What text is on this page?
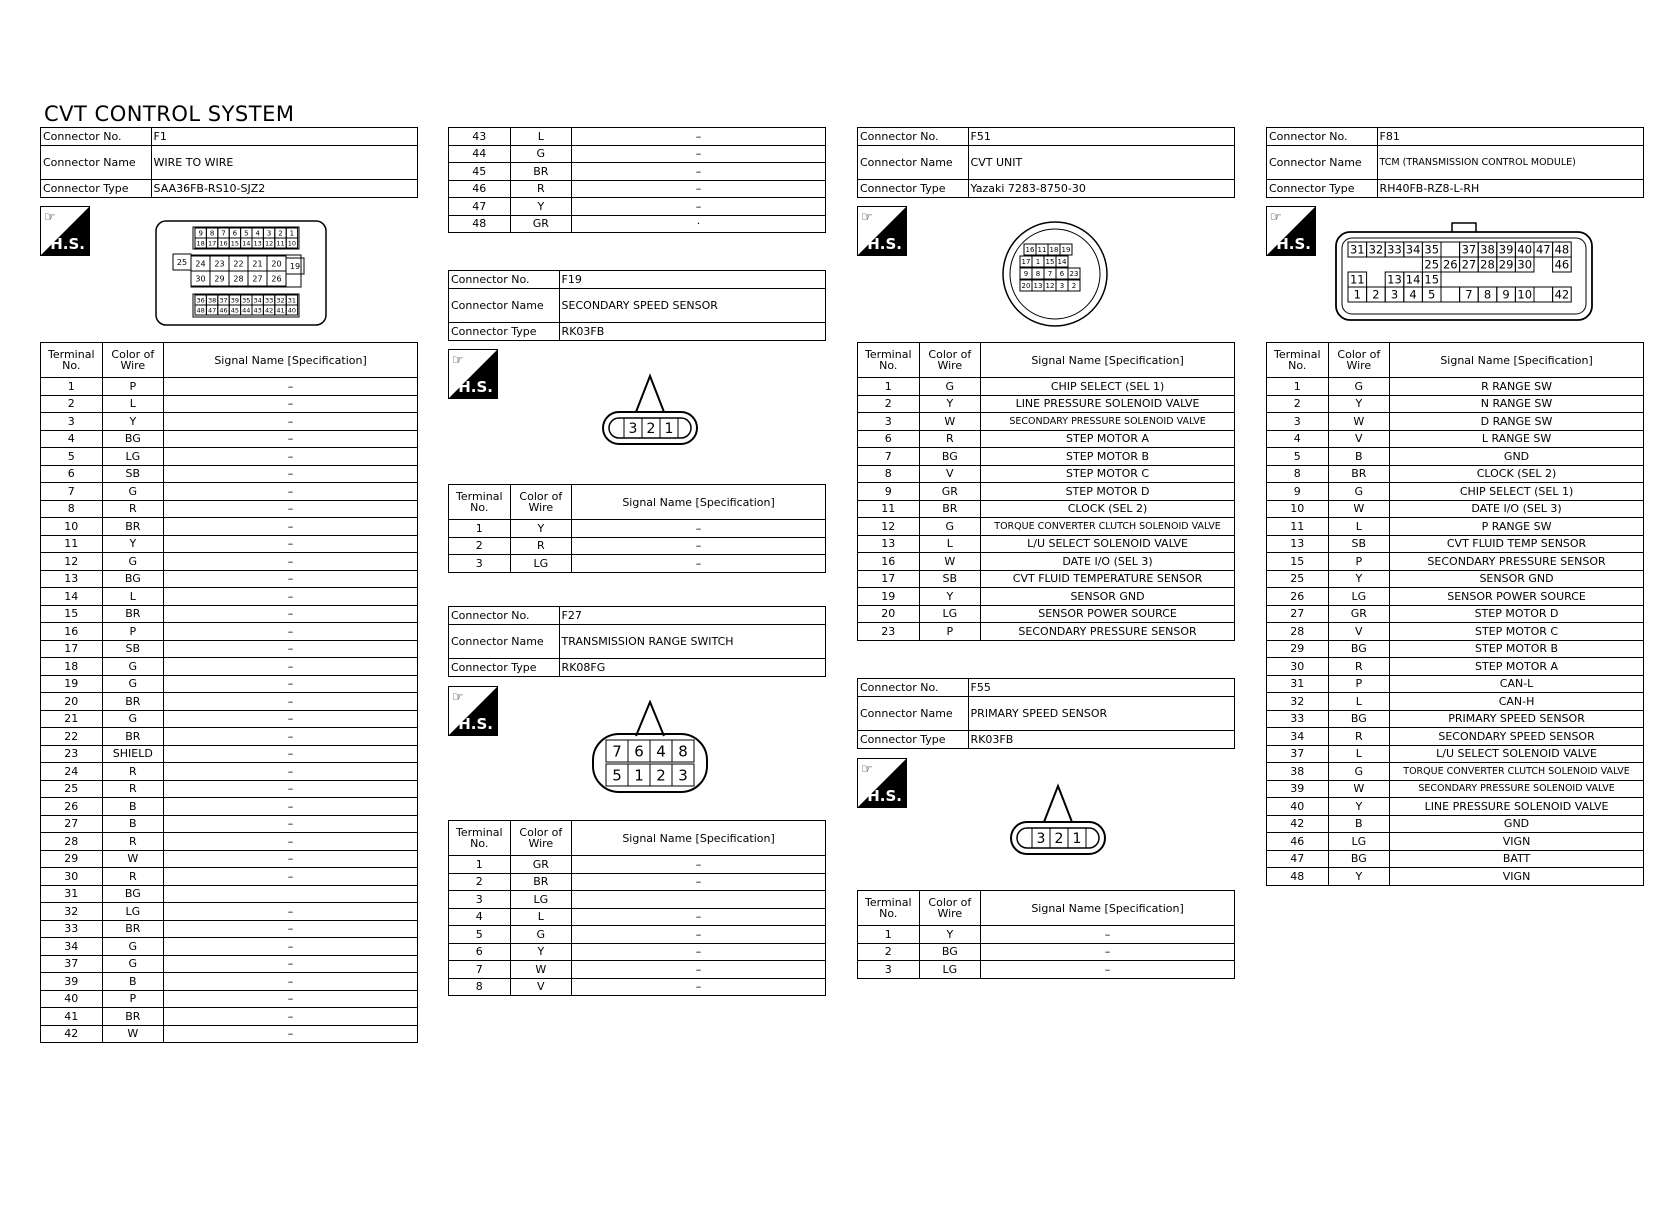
CVT CONTROL SYSTEM
Connector No.	F1
Connector Name	WIRE TO WIRE
Connector Type	SAA36FB-RS10-SJZ2
☞
H.S.
9 8 7 6 5 4 3 2 1
18 17 16 15 14 13 12 11 10
25 24 23 22 21 20
30 29 28 27 26
19
36 38 37 39 35 34 33 32 31
48 47 46 45 44 43 42 41 40
Terminal No.	Color of Wire	Signal Name [Specification]
1	P	–
2	L	–
3	Y	–
4	BG	–
5	LG	–
6	SB	–
7	G	–
8	R	–
10	BR	–
11	Y	–
12	G	–
13	BG	–
14	L	–
15	BR	–
16	P	–
17	SB	–
18	G	–
19	G	–
20	BR	–
21	G	–
22	BR	–
23	SHIELD	–
24	R	–
25	R	–
26	B	–
27	B	–
28	R	–
29	W	–
30	R	–
31	BG	
32	LG	–
33	BR	–
34	G	–
37	G	–
39	B	–
40	P	–
41	BR	–
42	W	–
43	L	–
44	G	–
45	BR	–
46	R	–
47	Y	–
48	GR	·
Connector No.	F19
Connector Name	SECONDARY SPEED SENSOR
Connector Type	RK03FB
☞
H.S.
3 2 1
Terminal No.	Color of Wire	Signal Name [Specification]
1	Y	–
2	R	–
3	LG	–
Connector No.	F27
Connector Name	TRANSMISSION RANGE SWITCH
Connector Type	RK08FG
☞
H.S.
7 6 4 8
5 1 2 3
Terminal No.	Color of Wire	Signal Name [Specification]
1	GR	–
2	BR	–
3	LG	
4	L	–
5	G	–
6	Y	–
7	W	–
8	V	–
Connector No.	F51
Connector Name	CVT UNIT
Connector Type	Yazaki 7283-8750-30
☞
H.S.	16 11 18 19
17 1 15 14
9 8 7 6 23
20 13 12 3 2
Terminal No.	Color of Wire	Signal Name [Specification]
1	G	CHIP SELECT (SEL 1)
2	Y	LINE PRESSURE SOLENOID VALVE
3	W	SECONDARY PRESSURE SOLENOID VALVE
6	R	STEP MOTOR A
7	BG	STEP MOTOR B
8	V	STEP MOTOR C
9	GR	STEP MOTOR D
11	BR	CLOCK (SEL 2)
12	G	TORQUE CONVERTER CLUTCH SOLENOID VALVE
13	L	L/U SELECT SOLENOID VALVE
16	W	DATE I/O (SEL 3)
17	SB	CVT FLUID TEMPERATURE SENSOR
19	Y	SENSOR GND
20	LG	SENSOR POWER SOURCE
23	P	SECONDARY PRESSURE SENSOR
Connector No.	F55
Connector Name	PRIMARY SPEED SENSOR
Connector Type	RK03FB
☞
H.S.
3 2 1
Terminal No.	Color of Wire	Signal Name [Specification]
1	Y	–
2	BG	–
3	LG	–
Connector No.	F81
Connector Name	TCM (TRANSMISSION CONTROL MODULE)
Connector Type	RH40FB-RZ8-L-RH
☞
H.S.	31 32 33 34 35 37 38 39 40 47 48
25 26 27 28 29 30 46
11 13 14 15
1 2 3 4 5	7 8 9 10 42
Terminal No.	Color of Wire	Signal Name [Specification]
1	G	R RANGE SW
2	Y	N RANGE SW
3	W	D RANGE SW
4	V	L RANGE SW
5	B	GND
8	BR	CLOCK (SEL 2)
9	G	CHIP SELECT (SEL 1)
10	W	DATE I/O (SEL 3)
11	L	P RANGE SW
13	SB	CVT FLUID TEMP SENSOR
15	P	SECONDARY PRESSURE SENSOR
25	Y	SENSOR GND
26	LG	SENSOR POWER SOURCE
27	GR	STEP MOTOR D
28	V	STEP MOTOR C
29	BG	STEP MOTOR B
30	R	STEP MOTOR A
31	P	CAN-L
32	L	CAN-H
33	BG	PRIMARY SPEED SENSOR
34	R	SECONDARY SPEED SENSOR
37	L	L/U SELECT SOLENOID VALVE
38	G	TORQUE CONVERTER CLUTCH SOLENOID VALVE
39	W	SECONDARY PRESSURE SOLENOID VALVE
40	Y	LINE PRESSURE SOLENOID VALVE
42	B	GND
46	LG	VIGN
47	BG	BATT
48	Y	VIGN
